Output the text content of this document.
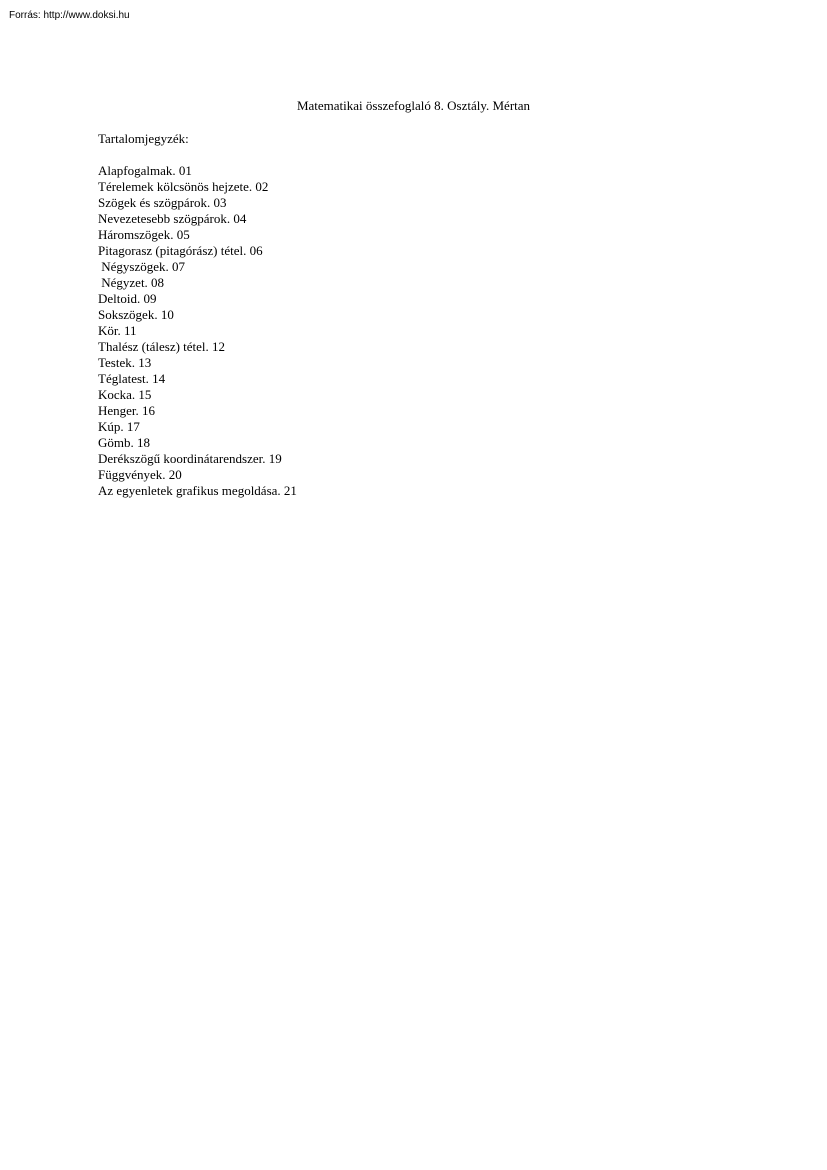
Forrás: http://www.doksi.hu
Matematikai összefoglaló 8. Osztály. Mértan
Tartalomjegyzék:
Alapfogalmak. 01
Térelemek kölcsönös hejzete. 02
Szögek és szögpárok. 03
Nevezetesebb szögpárok. 04
Háromszögek. 05
Pitagorasz (pitagórász) tétel. 06
Négyszögek. 07
Négyzet. 08
Deltoid. 09
Sokszögek. 10
Kör. 11
Thalész (tálesz) tétel. 12
Testek. 13
Téglatest. 14
Kocka. 15
Henger. 16
Kúp. 17
Gömb. 18
Derékszögű koordinátarendszer. 19
Függvények. 20
Az egyenletek grafikus megoldása. 21
